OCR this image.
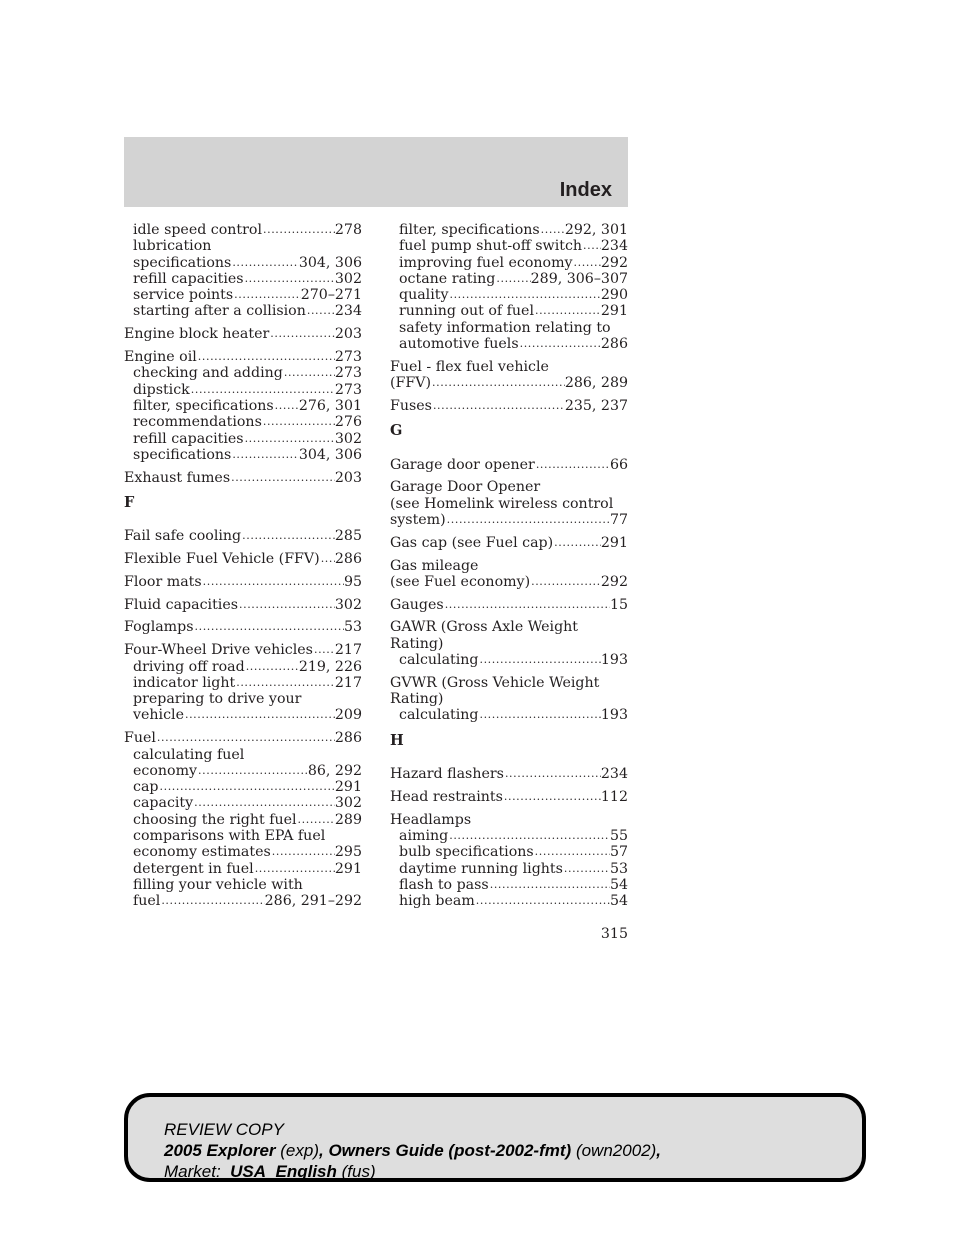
Index
idle speed control .....	278
lubrication
specifications .....	304, 306
refill capacities .....	302
service points .....	270–271
starting after a collision ..... 234
Engine block heater .....	203
Engine oil .....	273
checking and adding .....	273
dipstick .....	273
filter, specifications ..... 276, 301
recommendations .....	276
refill capacities .....	302
specifications .....	304, 306
Exhaust fumes .....	203
F
Fail safe cooling .....	285
Flexible Fuel Vehicle (FFV) ..... 286
Floor mats .....	95
Fluid capacities .....	302
Foglamps .....	53
Four-Wheel Drive vehicles ..... 217
driving off road .....	219, 226
indicator light .....	217
preparing to drive your
vehicle .....	209
Fuel .....	286
calculating fuel
economy .....	86, 292
cap .....	291
capacity .....	302
choosing the right fuel .....	289
comparisons with EPA fuel
economy estimates .....	295
detergent in fuel .....	291
filling your vehicle with
fuel .....	286, 291–292
filter, specifications ..... 292, 301
fuel pump shut-off switch ..... 234
improving fuel economy ..... 292
octane rating ..... 289, 306–307
quality .....	290
running out of fuel .....	291
safety information relating to
automotive fuels .....	286
Fuel - flex fuel vehicle
(FFV) .....	286, 289
Fuses .....	235, 237
G
Garage door opener .....	66
Garage Door Opener
(see Homelink wireless control
system) .....	77
Gas cap (see Fuel cap) .....	291
Gas mileage
(see Fuel economy) .....	292
Gauges .....	15
GAWR (Gross Axle Weight
Rating)
calculating .....	193
GVWR (Gross Vehicle Weight
Rating)
calculating .....	193
H
Hazard flashers .....	234
Head restraints .....	112
Headlamps
aiming .....	55
bulb specifications .....	57
daytime running lights .....	53
flash to pass .....	54
high beam .....	54
315
REVIEW COPY
2005 Explorer (exp), Owners Guide (post-2002-fmt) (own2002),
Market: USA_English (fus)
